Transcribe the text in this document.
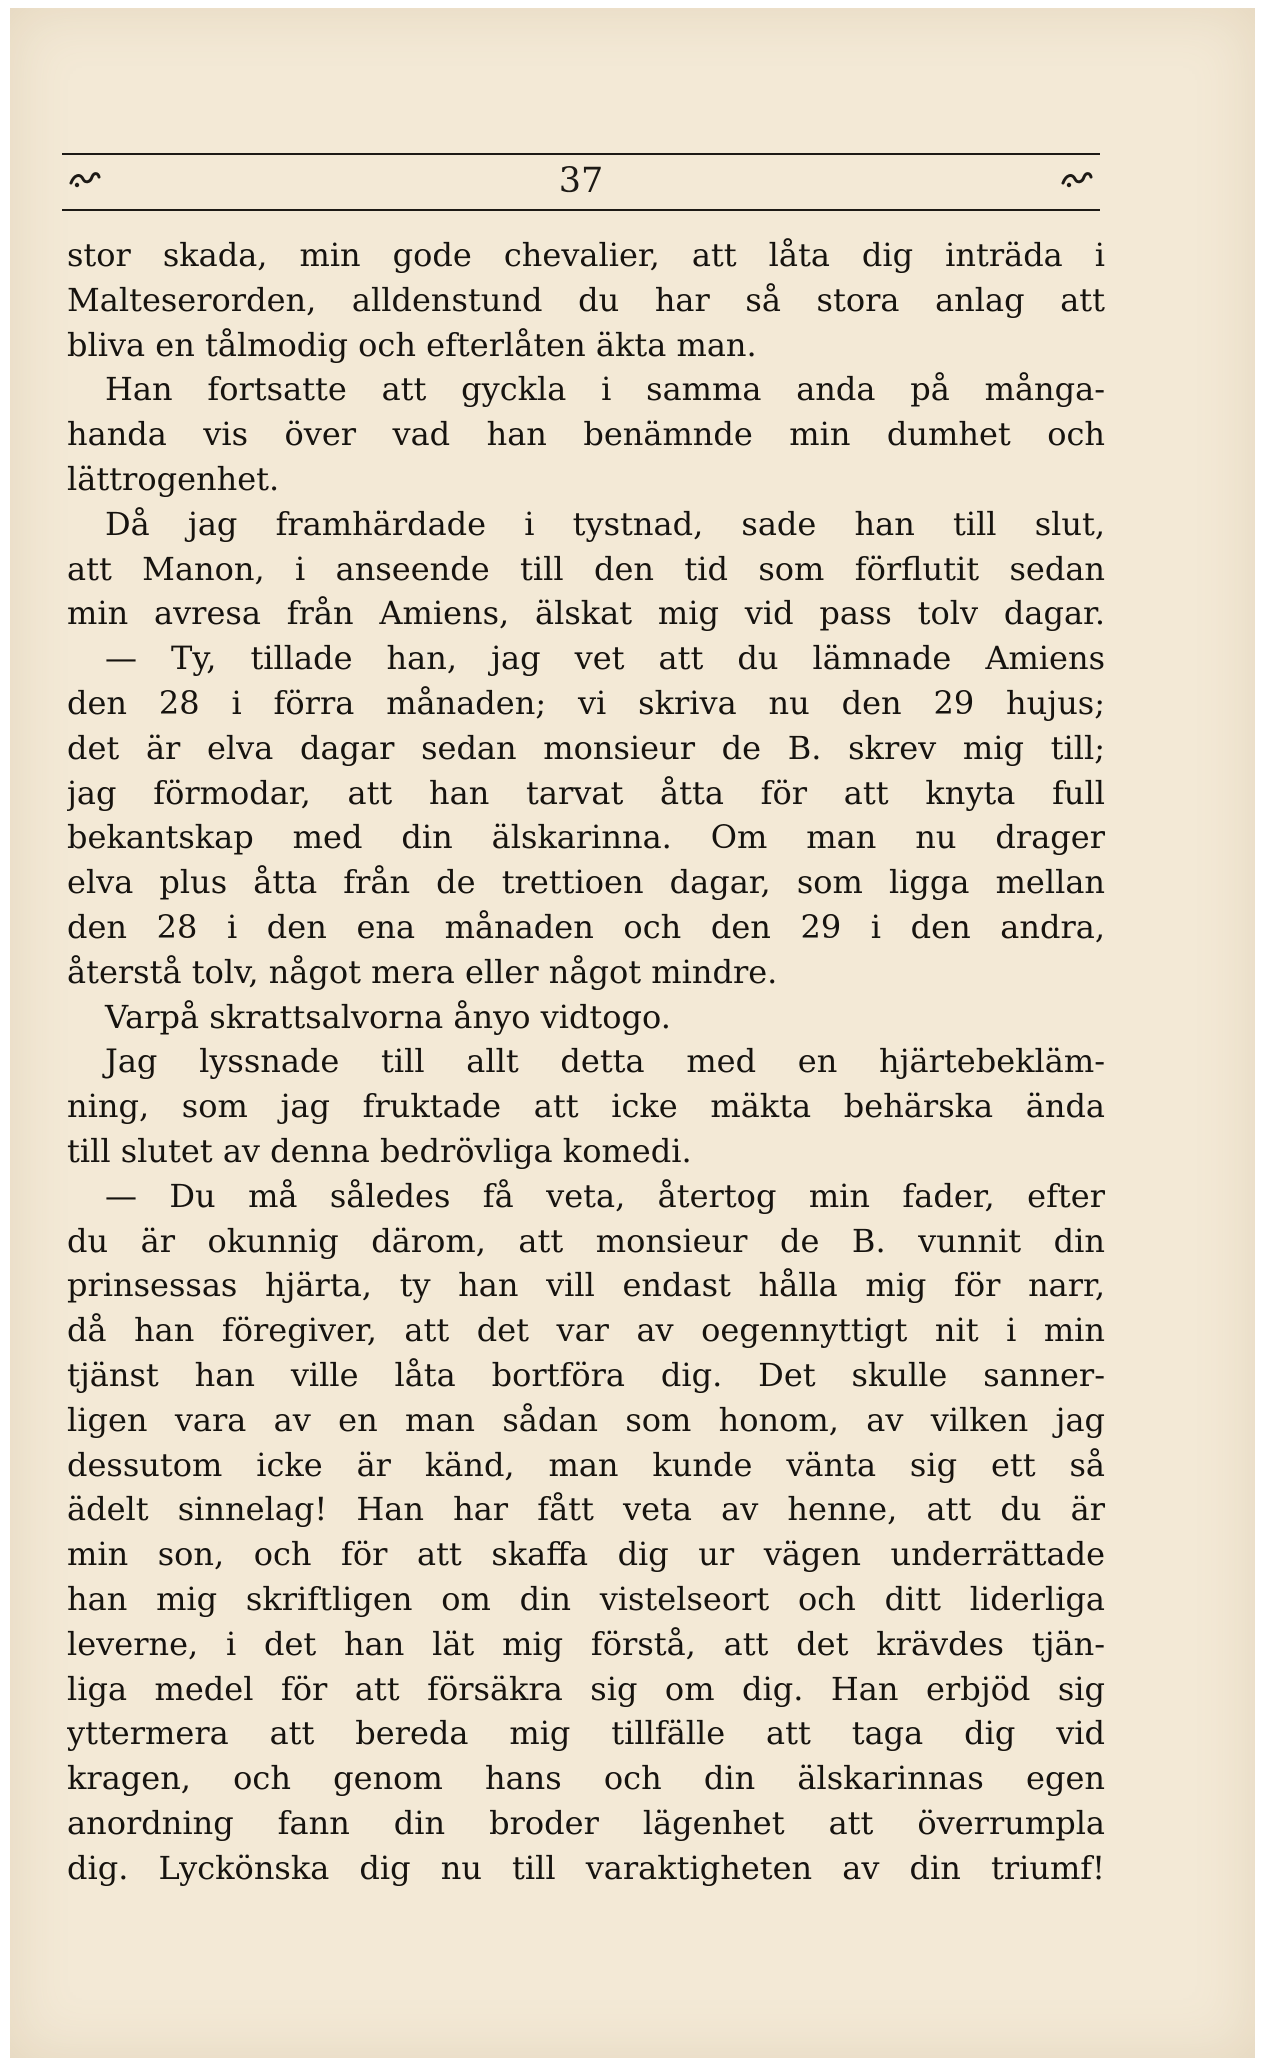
37
stor skada, min gode chevalier, att låta dig inträda i
Malteserorden, alldenstund du har så stora anlag att
bliva en tålmodig och efterlåten äkta man.
Han fortsatte att gyckla i samma anda på många-
handa vis över vad han benämnde min dumhet och
lättrogenhet.
Då jag framhärdade i tystnad, sade han till slut,
att Manon, i anseende till den tid som förflutit sedan
min avresa från Amiens, älskat mig vid pass tolv dagar.
— Ty, tillade han, jag vet att du lämnade Amiens
den 28 i förra månaden; vi skriva nu den 29 hujus;
det är elva dagar sedan monsieur de B. skrev mig till;
jag förmodar, att han tarvat åtta för att knyta full
bekantskap med din älskarinna. Om man nu drager
elva plus åtta från de trettioen dagar, som ligga mellan
den 28 i den ena månaden och den 29 i den andra,
återstå tolv, något mera eller något mindre.
Varpå skrattsalvorna ånyo vidtogo.
Jag lyssnade till allt detta med en hjärtebekläm-
ning, som jag fruktade att icke mäkta behärska ända
till slutet av denna bedrövliga komedi.
— Du må således få veta, återtog min fader, efter
du är okunnig därom, att monsieur de B. vunnit din
prinsessas hjärta, ty han vill endast hålla mig för narr,
då han föregiver, att det var av oegennyttigt nit i min
tjänst han ville låta bortföra dig. Det skulle sanner-
ligen vara av en man sådan som honom, av vilken jag
dessutom icke är känd, man kunde vänta sig ett så
ädelt sinnelag! Han har fått veta av henne, att du är
min son, och för att skaffa dig ur vägen underrättade
han mig skriftligen om din vistelseort och ditt liderliga
leverne, i det han lät mig förstå, att det krävdes tjän-
liga medel för att försäkra sig om dig. Han erbjöd sig
yttermera att bereda mig tillfälle att taga dig vid
kragen, och genom hans och din älskarinnas egen
anordning fann din broder lägenhet att överrumpla
dig. Lyckönska dig nu till varaktigheten av din triumf!
